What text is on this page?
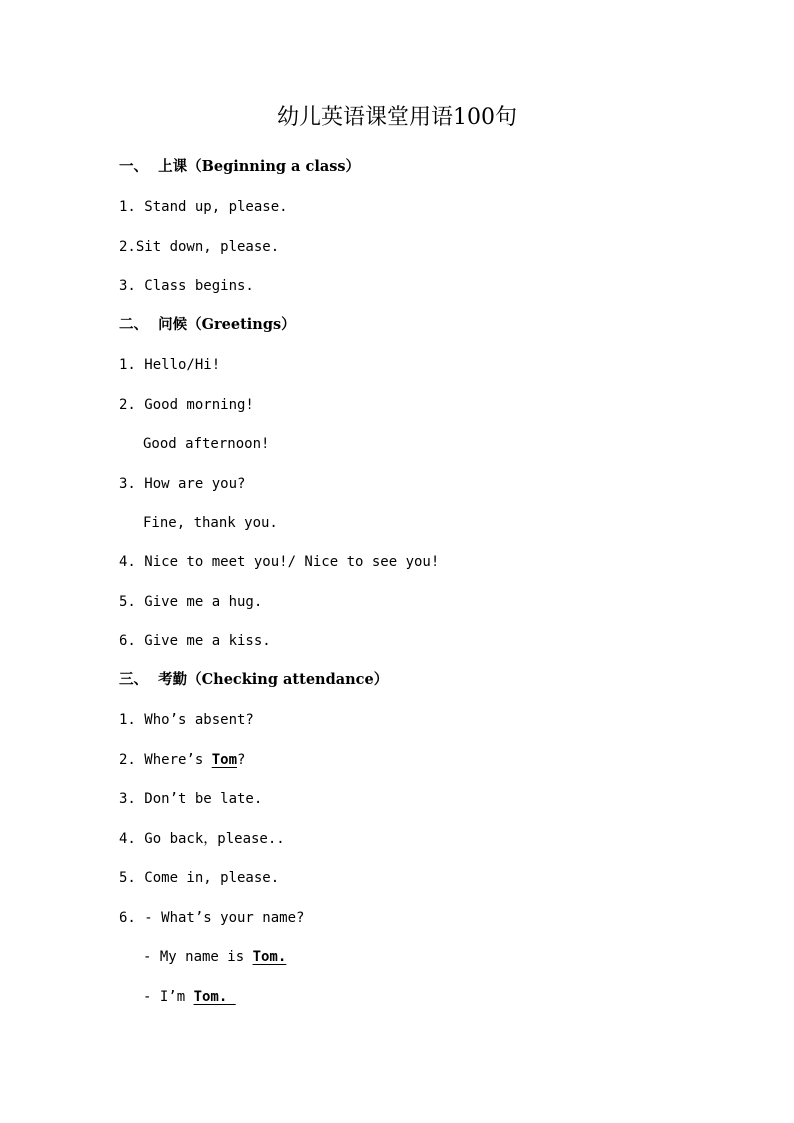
幼儿英语课堂用语100句
一、 上课（Beginning a class）
1. Stand up, please.
2.Sit down, please.
3. Class begins.
二、 问候（Greetings）
1. Hello/Hi!
2. Good morning!
Good afternoon!
3. How are you?
Fine, thank you.
4. Nice to meet you!/ Nice to see you!
5. Give me a hug.
6. Give me a kiss.
三、 考勤（Checking attendance）
1. Who’s absent?
2. Where’s Tom?
3. Don’t be late.
4. Go back，please..
5. Come in, please.
6. - What’s your name?
- My name is Tom.
- I’m Tom.
